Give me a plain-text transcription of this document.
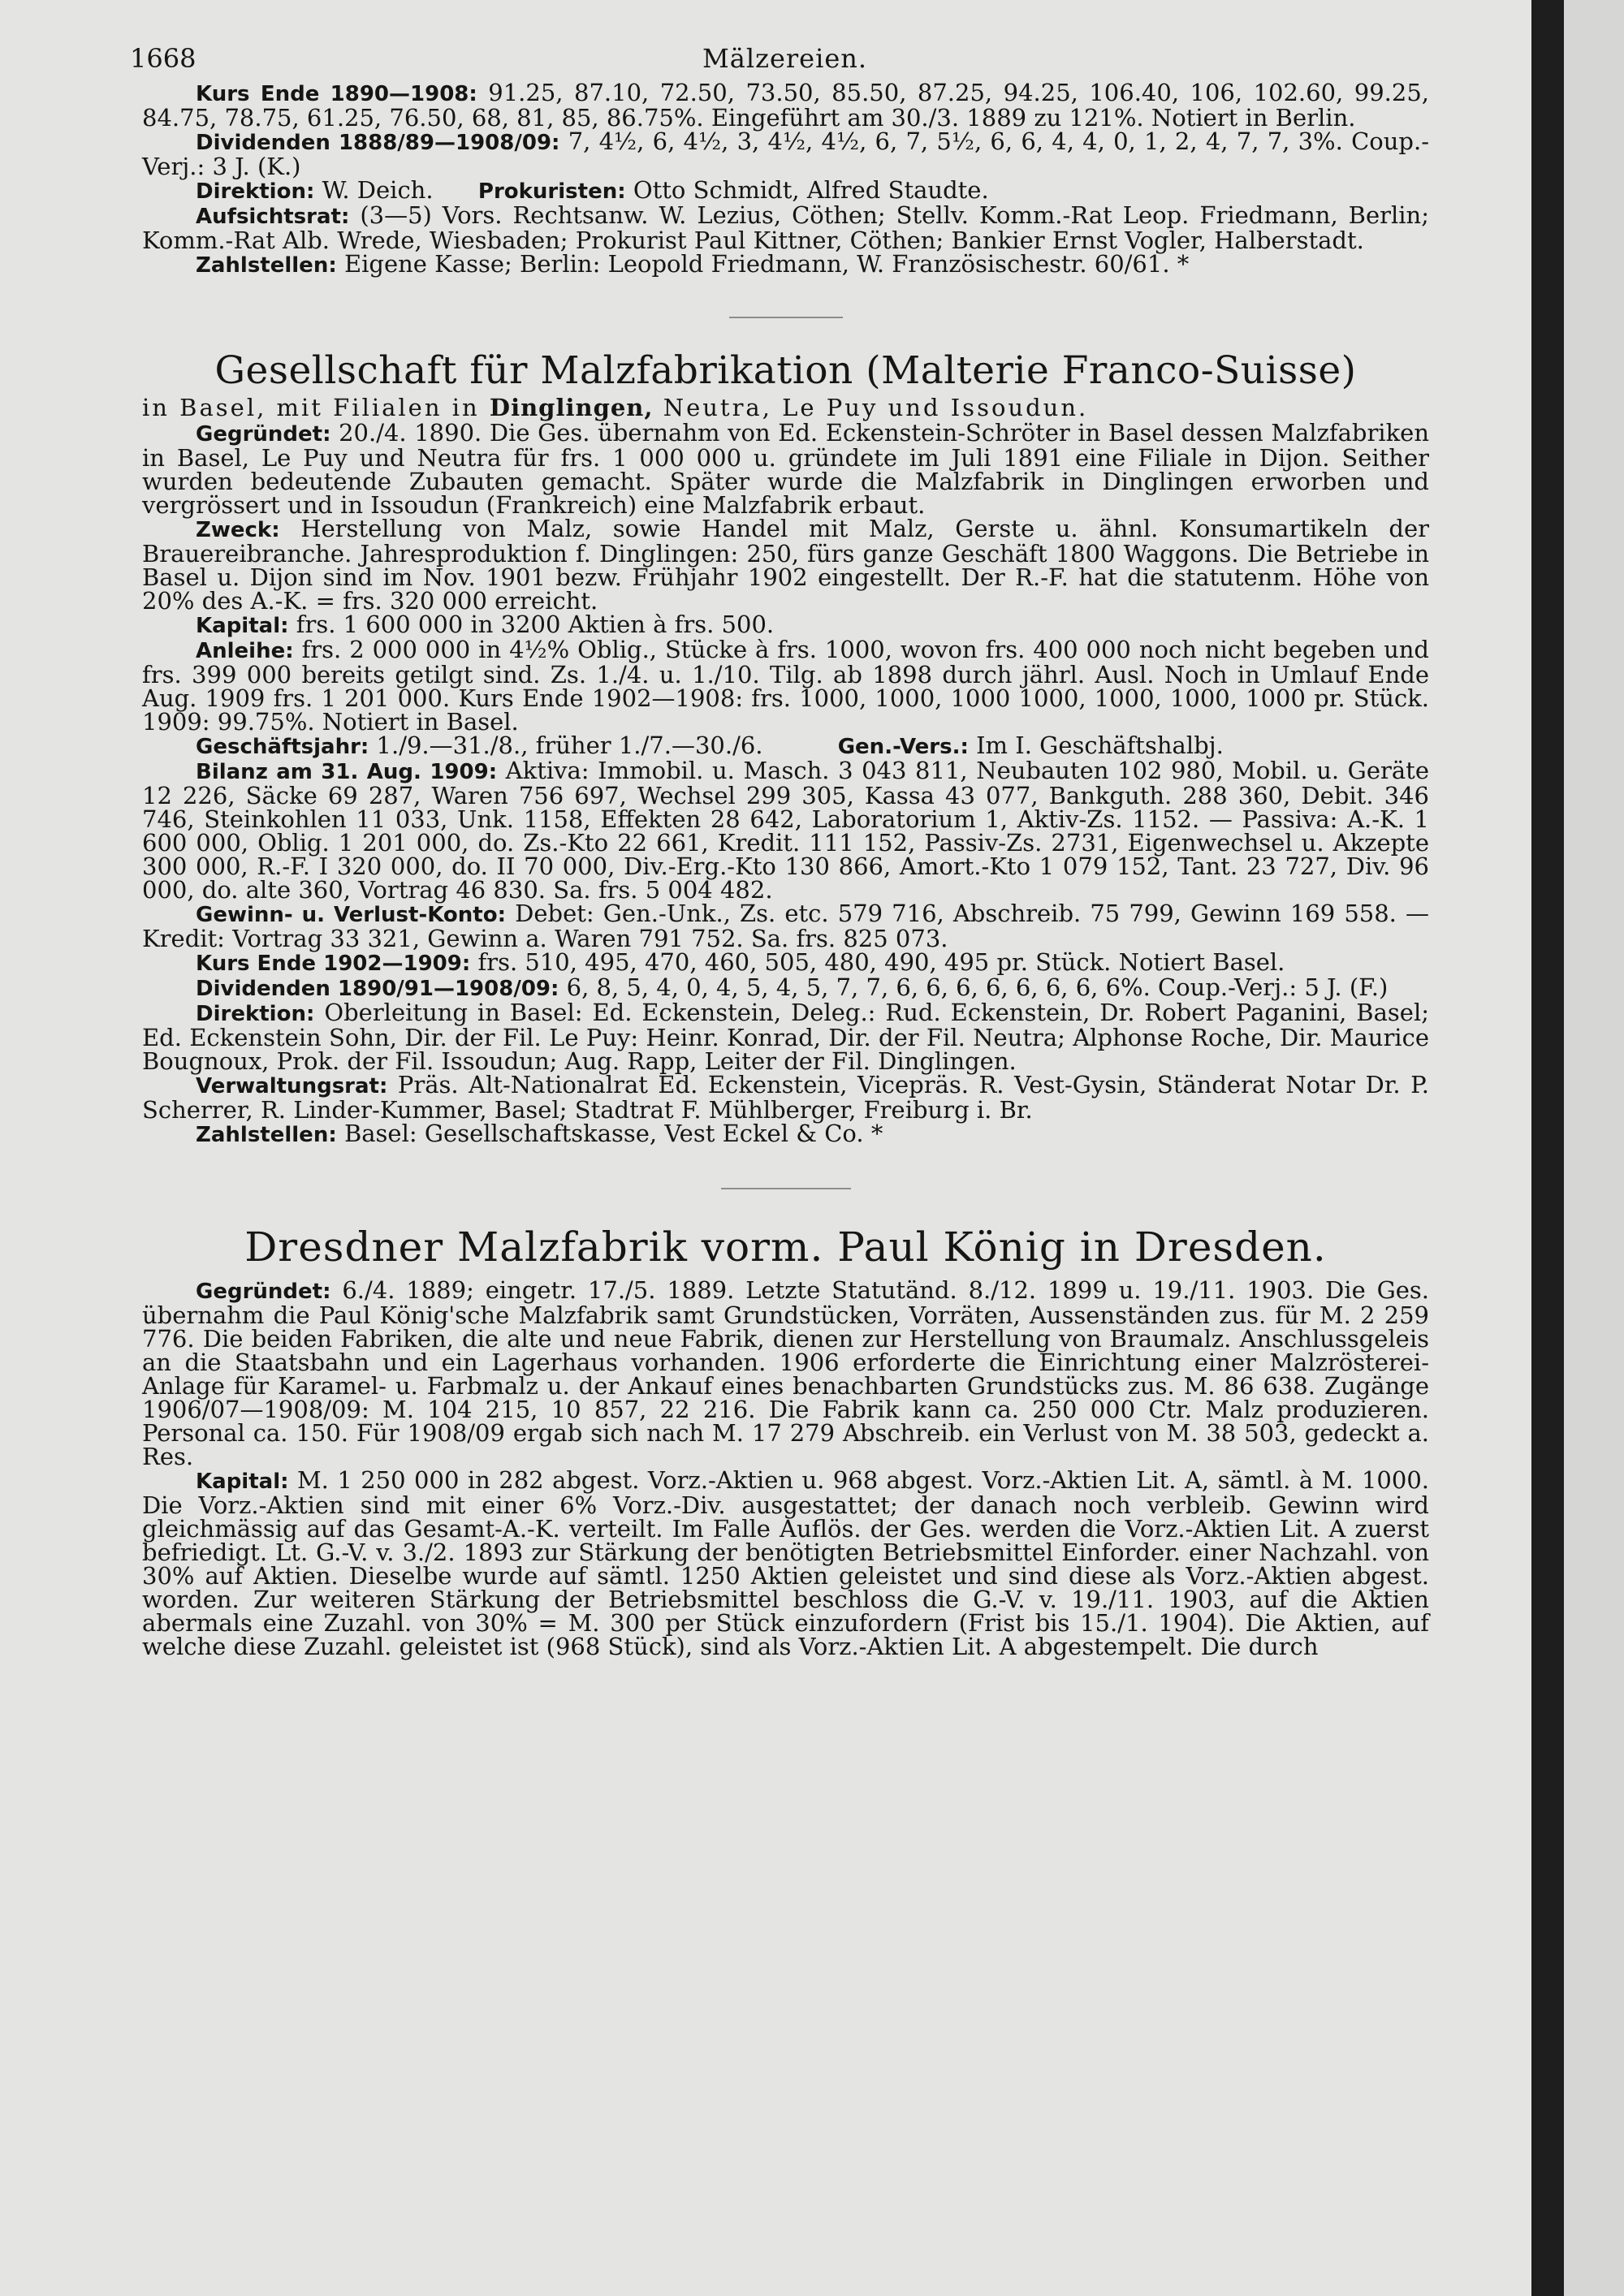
1668	Mälzereien.

Kurs Ende 1890—1908: 91.25, 87.10, 72.50, 73.50, 85.50, 87.25, 94.25, 106.40, 106, 102.60, 99.25, 84.75, 78.75, 61.25, 76.50, 68, 81, 85, 86.75%. Eingeführt am 30./3. 1889 zu 121%. Notiert in Berlin.

Dividenden 1888/89—1908/09: 7, 4½, 6, 4½, 3, 4½, 4½, 6, 7, 5½, 6, 6, 4, 4, 0, 1, 2, 4, 7, 7, 3%. Coup.-Verj.: 3 J. (K.)

Direktion: W. Deich.      Prokuristen: Otto Schmidt, Alfred Staudte.

Aufsichtsrat: (3—5) Vors. Rechtsanw. W. Lezius, Cöthen; Stellv. Komm.-Rat Leop. Friedmann, Berlin; Komm.-Rat Alb. Wrede, Wiesbaden; Prokurist Paul Kittner, Cöthen; Bankier Ernst Vogler, Halberstadt.

Zahlstellen: Eigene Kasse; Berlin: Leopold Friedmann, W. Französischestr. 60/61. *

Gesellschaft für Malzfabrikation (Malterie Franco-Suisse)

in Basel, mit Filialen in Dinglingen, Neutra, Le Puy und Issoudun.

Gegründet: 20./4. 1890. Die Ges. übernahm von Ed. Eckenstein-Schröter in Basel dessen Malzfabriken in Basel, Le Puy und Neutra für frs. 1 000 000 u. gründete im Juli 1891 eine Filiale in Dijon. Seither wurden bedeutende Zubauten gemacht. Später wurde die Malzfabrik in Dinglingen erworben und vergrössert und in Issoudun (Frankreich) eine Malzfabrik erbaut.

Zweck: Herstellung von Malz, sowie Handel mit Malz, Gerste u. ähnl. Konsumartikeln der Brauereibranche. Jahresproduktion f. Dinglingen: 250, fürs ganze Geschäft 1800 Waggons. Die Betriebe in Basel u. Dijon sind im Nov. 1901 bezw. Frühjahr 1902 eingestellt. Der R.-F. hat die statutenm. Höhe von 20% des A.-K. = frs. 320 000 erreicht.

Kapital: frs. 1 600 000 in 3200 Aktien à frs. 500.

Anleihe: frs. 2 000 000 in 4½% Oblig., Stücke à frs. 1000, wovon frs. 400 000 noch nicht begeben und frs. 399 000 bereits getilgt sind. Zs. 1./4. u. 1./10. Tilg. ab 1898 durch jährl. Ausl. Noch in Umlauf Ende Aug. 1909 frs. 1 201 000. Kurs Ende 1902—1908: frs. 1000, 1000, 1000 1000, 1000, 1000, 1000 pr. Stück. 1909: 99.75%. Notiert in Basel.

Geschäftsjahr: 1./9.—31./8., früher 1./7.—30./6.          Gen.-Vers.: Im I. Geschäftshalbj.

Bilanz am 31. Aug. 1909: Aktiva: Immobil. u. Masch. 3 043 811, Neubauten 102 980, Mobil. u. Geräte 12 226, Säcke 69 287, Waren 756 697, Wechsel 299 305, Kassa 43 077, Bankguth. 288 360, Debit. 346 746, Steinkohlen 11 033, Unk. 1158, Effekten 28 642, Laboratorium 1, Aktiv-Zs. 1152. — Passiva: A.-K. 1 600 000, Oblig. 1 201 000, do. Zs.-Kto 22 661, Kredit. 111 152, Passiv-Zs. 2731, Eigenwechsel u. Akzepte 300 000, R.-F. I 320 000, do. II 70 000, Div.-Erg.-Kto 130 866, Amort.-Kto 1 079 152, Tant. 23 727, Div. 96 000, do. alte 360, Vortrag 46 830. Sa. frs. 5 004 482.

Gewinn- u. Verlust-Konto: Debet: Gen.-Unk., Zs. etc. 579 716, Abschreib. 75 799, Gewinn 169 558. — Kredit: Vortrag 33 321, Gewinn a. Waren 791 752. Sa. frs. 825 073.

Kurs Ende 1902—1909: frs. 510, 495, 470, 460, 505, 480, 490, 495 pr. Stück. Notiert Basel.

Dividenden 1890/91—1908/09: 6, 8, 5, 4, 0, 4, 5, 4, 5, 7, 7, 6, 6, 6, 6, 6, 6, 6, 6%. Coup.-Verj.: 5 J. (F.)

Direktion: Oberleitung in Basel: Ed. Eckenstein, Deleg.: Rud. Eckenstein, Dr. Robert Paganini, Basel; Ed. Eckenstein Sohn, Dir. der Fil. Le Puy: Heinr. Konrad, Dir. der Fil. Neutra; Alphonse Roche, Dir. Maurice Bougnoux, Prok. der Fil. Issoudun; Aug. Rapp, Leiter der Fil. Dinglingen.

Verwaltungsrat: Präs. Alt-Nationalrat Ed. Eckenstein, Vicepräs. R. Vest-Gysin, Ständerat Notar Dr. P. Scherrer, R. Linder-Kummer, Basel; Stadtrat F. Mühlberger, Freiburg i. Br.

Zahlstellen: Basel: Gesellschaftskasse, Vest Eckel & Co. *

Dresdner Malzfabrik vorm. Paul König in Dresden.

Gegründet: 6./4. 1889; eingetr. 17./5. 1889. Letzte Statutänd. 8./12. 1899 u. 19./11. 1903. Die Ges. übernahm die Paul König'sche Malzfabrik samt Grundstücken, Vorräten, Aussenständen zus. für M. 2 259 776. Die beiden Fabriken, die alte und neue Fabrik, dienen zur Herstellung von Braumalz. Anschlussgeleis an die Staatsbahn und ein Lagerhaus vorhanden. 1906 erforderte die Einrichtung einer Malzrösterei-Anlage für Karamel- u. Farbmalz u. der Ankauf eines benachbarten Grundstücks zus. M. 86 638. Zugänge 1906/07—1908/09: M. 104 215, 10 857, 22 216. Die Fabrik kann ca. 250 000 Ctr. Malz produzieren. Personal ca. 150. Für 1908/09 ergab sich nach M. 17 279 Abschreib. ein Verlust von M. 38 503, gedeckt a. Res.

Kapital: M. 1 250 000 in 282 abgest. Vorz.-Aktien u. 968 abgest. Vorz.-Aktien Lit. A, sämtl. à M. 1000. Die Vorz.-Aktien sind mit einer 6% Vorz.-Div. ausgestattet; der danach noch verbleib. Gewinn wird gleichmässig auf das Gesamt-A.-K. verteilt. Im Falle Auflös. der Ges. werden die Vorz.-Aktien Lit. A zuerst befriedigt. Lt. G.-V. v. 3./2. 1893 zur Stärkung der benötigten Betriebsmittel Einforder. einer Nachzahl. von 30% auf Aktien. Dieselbe wurde auf sämtl. 1250 Aktien geleistet und sind diese als Vorz.-Aktien abgest. worden. Zur weiteren Stärkung der Betriebsmittel beschloss die G.-V. v. 19./11. 1903, auf die Aktien abermals eine Zuzahl. von 30% = M. 300 per Stück einzufordern (Frist bis 15./1. 1904). Die Aktien, auf welche diese Zuzahl. geleistet ist (968 Stück), sind als Vorz.-Aktien Lit. A abgestempelt. Die durch
